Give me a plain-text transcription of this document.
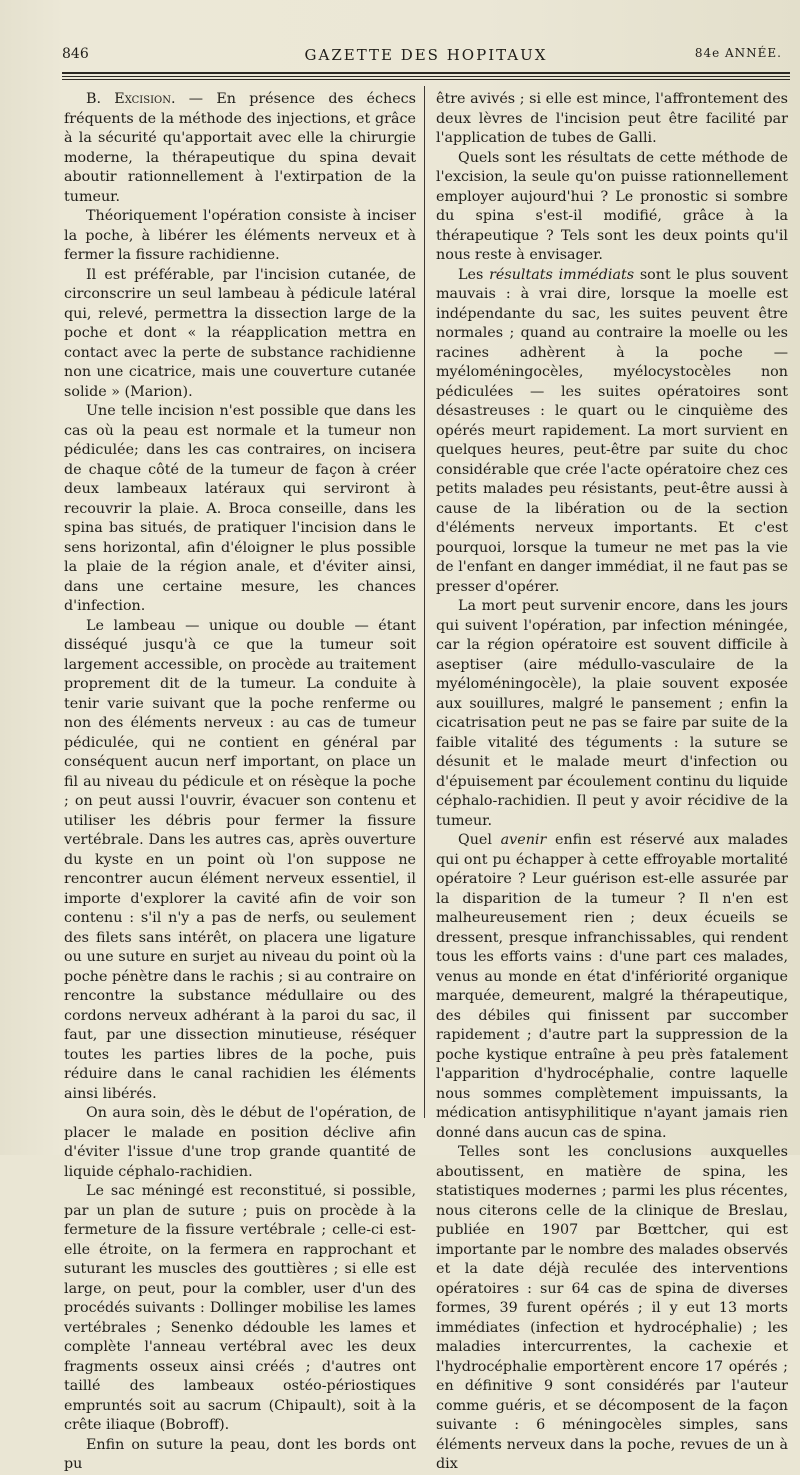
846	GAZETTE DES HOPITAUX	84e ANNÉE.

B. Excision. — En présence des échecs fréquents de la méthode des injections, et grâce à la sécurité qu'apportait avec elle la chirurgie moderne, la thérapeutique du spina devait aboutir rationnellement à l'extirpation de la tumeur.

Théoriquement l'opération consiste à inciser la poche, à libérer les éléments nerveux et à fermer la fissure rachidienne.

Il est préférable, par l'incision cutanée, de circonscrire un seul lambeau à pédicule latéral qui, relevé, permettra la dissection large de la poche et dont « la réapplication mettra en contact avec la perte de substance rachidienne non une cicatrice, mais une couverture cutanée solide » (Marion).

Une telle incision n'est possible que dans les cas où la peau est normale et la tumeur non pédiculée; dans les cas contraires, on incisera de chaque côté de la tumeur de façon à créer deux lambeaux latéraux qui serviront à recouvrir la plaie. A. Broca conseille, dans les spina bas situés, de pratiquer l'incision dans le sens horizontal, afin d'éloigner le plus possible la plaie de la région anale, et d'éviter ainsi, dans une certaine mesure, les chances d'infection.

Le lambeau — unique ou double — étant disséqué jusqu'à ce que la tumeur soit largement accessible, on procède au traitement proprement dit de la tumeur. La conduite à tenir varie suivant que la poche renferme ou non des éléments nerveux : au cas de tumeur pédiculée, qui ne contient en général par conséquent aucun nerf important, on place un fil au niveau du pédicule et on résèque la poche ; on peut aussi l'ouvrir, évacuer son contenu et utiliser les débris pour fermer la fissure vertébrale. Dans les autres cas, après ouverture du kyste en un point où l'on suppose ne rencontrer aucun élément nerveux essentiel, il importe d'explorer la cavité afin de voir son contenu : s'il n'y a pas de nerfs, ou seulement des filets sans intérêt, on placera une ligature ou une suture en surjet au niveau du point où la poche pénètre dans le rachis ; si au contraire on rencontre la substance médullaire ou des cordons nerveux adhérant à la paroi du sac, il faut, par une dissection minutieuse, réséquer toutes les parties libres de la poche, puis réduire dans le canal rachidien les éléments ainsi libérés.

On aura soin, dès le début de l'opération, de placer le malade en position déclive afin d'éviter l'issue d'une trop grande quantité de liquide céphalo-rachidien.

Le sac méningé est reconstitué, si possible, par un plan de suture ; puis on procède à la fermeture de la fissure vertébrale ; celle-ci est-elle étroite, on la fermera en rapprochant et suturant les muscles des gouttières ; si elle est large, on peut, pour la combler, user d'un des procédés suivants : Dollinger mobilise les lames vertébrales ; Senenko dédouble les lames et complète l'anneau vertébral avec les deux fragments osseux ainsi créés ; d'autres ont taillé des lambeaux ostéo-périostiques empruntés soit au sacrum (Chipault), soit à la crête iliaque (Bobroff).

Enfin on suture la peau, dont les bords ont pu

être avivés ; si elle est mince, l'affrontement des deux lèvres de l'incision peut être facilité par l'application de tubes de Galli.

Quels sont les résultats de cette méthode de l'excision, la seule qu'on puisse rationnellement employer aujourd'hui ? Le pronostic si sombre du spina s'est-il modifié, grâce à la thérapeutique ? Tels sont les deux points qu'il nous reste à envisager.

Les résultats immédiats sont le plus souvent mauvais : à vrai dire, lorsque la moelle est indépendante du sac, les suites peuvent être normales ; quand au contraire la moelle ou les racines adhèrent à la poche — myéloméningocèles, myélocystocèles non pédiculées — les suites opératoires sont désastreuses : le quart ou le cinquième des opérés meurt rapidement. La mort survient en quelques heures, peut-être par suite du choc considérable que crée l'acte opératoire chez ces petits malades peu résistants, peut-être aussi à cause de la libération ou de la section d'éléments nerveux importants. Et c'est pourquoi, lorsque la tumeur ne met pas la vie de l'enfant en danger immédiat, il ne faut pas se presser d'opérer.

La mort peut survenir encore, dans les jours qui suivent l'opération, par infection méningée, car la région opératoire est souvent difficile à aseptiser (aire médullo-vasculaire de la myéloméningocèle), la plaie souvent exposée aux souillures, malgré le pansement ; enfin la cicatrisation peut ne pas se faire par suite de la faible vitalité des téguments : la suture se désunit et le malade meurt d'infection ou d'épuisement par écoulement continu du liquide céphalo-rachidien. Il peut y avoir récidive de la tumeur.

Quel avenir enfin est réservé aux malades qui ont pu échapper à cette effroyable mortalité opératoire ? Leur guérison est-elle assurée par la disparition de la tumeur ? Il n'en est malheureusement rien ; deux écueils se dressent, presque infranchissables, qui rendent tous les efforts vains : d'une part ces malades, venus au monde en état d'infériorité organique marquée, demeurent, malgré la thérapeutique, des débiles qui finissent par succomber rapidement ; d'autre part la suppression de la poche kystique entraîne à peu près fatalement l'apparition d'hydrocéphalie, contre laquelle nous sommes complètement impuissants, la médication antisyphilitique n'ayant jamais rien donné dans aucun cas de spina.

Telles sont les conclusions auxquelles aboutissent, en matière de spina, les statistiques modernes ; parmi les plus récentes, nous citerons celle de la clinique de Breslau, publiée en 1907 par Bœttcher, qui est importante par le nombre des malades observés et la date déjà reculée des interventions opératoires : sur 64 cas de spina de diverses formes, 39 furent opérés ; il y eut 13 morts immédiates (infection et hydrocéphalie) ; les maladies intercurrentes, la cachexie et l'hydrocéphalie emportèrent encore 17 opérés ; en définitive 9 sont considérés par l'auteur comme guéris, et se décomposent de la façon suivante : 6 méningocèles simples, sans éléments nerveux dans la poche, revues de un à dix
